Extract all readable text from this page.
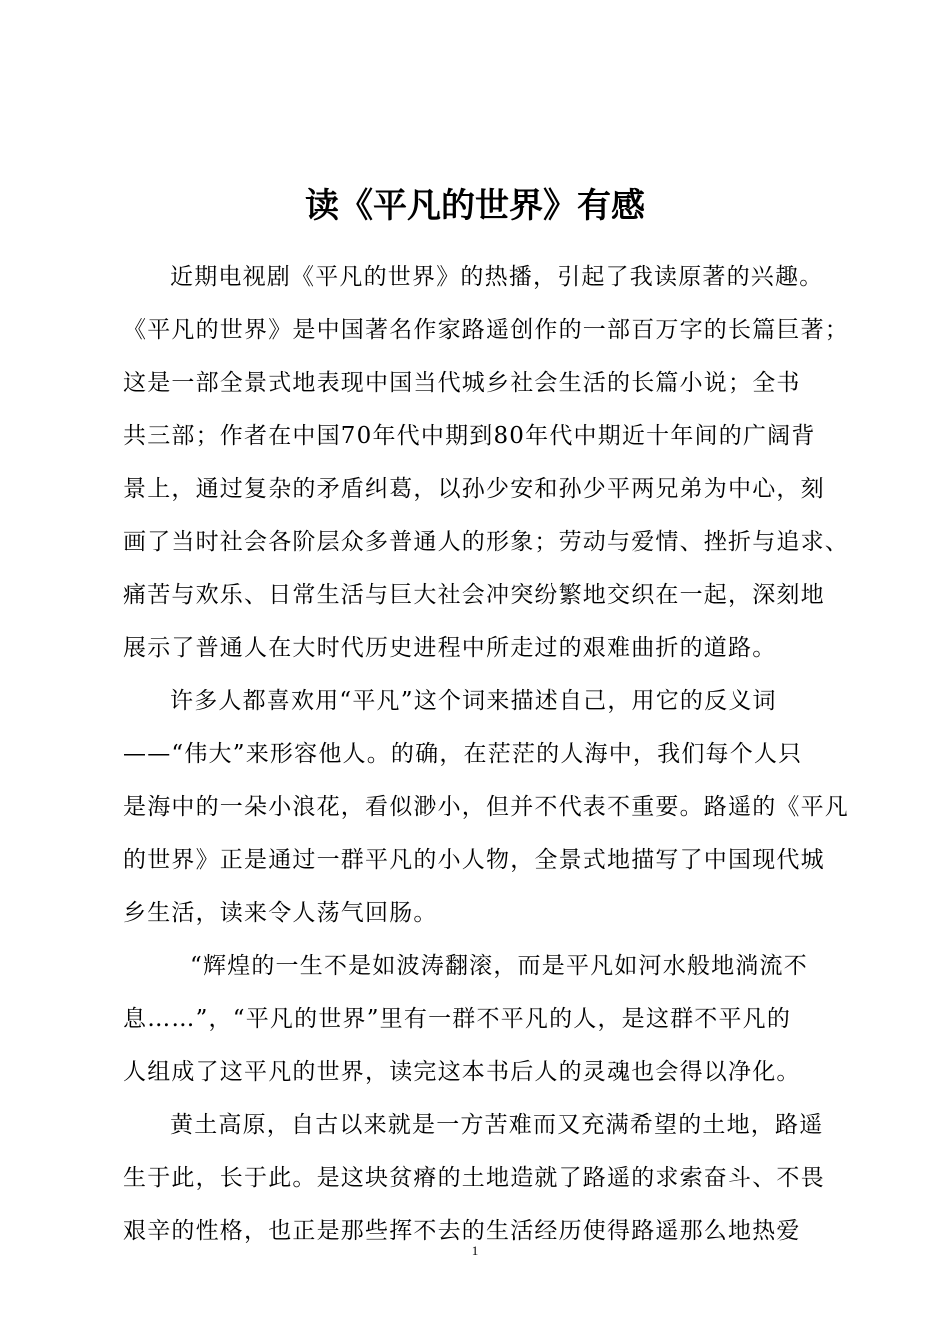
读《平凡的世界》有感
近期电视剧《平凡的世界》的热播，引起了我读原著的兴趣。
《平凡的世界》是中国著名作家路遥创作的一部百万字的长篇巨著；
这是一部全景式地表现中国当代城乡社会生活的长篇小说；全书
共三部；作者在中国70年代中期到80年代中期近十年间的广阔背
景上，通过复杂的矛盾纠葛，以孙少安和孙少平两兄弟为中心，刻
画了当时社会各阶层众多普通人的形象；劳动与爱情、挫折与追求、
痛苦与欢乐、日常生活与巨大社会冲突纷繁地交织在一起，深刻地
展示了普通人在大时代历史进程中所走过的艰难曲折的道路。
许多人都喜欢用“平凡”这个词来描述自己，用它的反义词
——“伟大”来形容他人。的确，在茫茫的人海中，我们每个人只
是海中的一朵小浪花，看似渺小，但并不代表不重要。路遥的《平凡
的世界》正是通过一群平凡的小人物，全景式地描写了中国现代城
乡生活，读来令人荡气回肠。
“辉煌的一生不是如波涛翻滚，而是平凡如河水般地淌流不
息……”，“平凡的世界”里有一群不平凡的人，是这群不平凡的
人组成了这平凡的世界，读完这本书后人的灵魂也会得以净化。
黄土高原，自古以来就是一方苦难而又充满希望的土地，路遥
生于此，长于此。是这块贫瘠的土地造就了路遥的求索奋斗、不畏
艰辛的性格，也正是那些挥不去的生活经历使得路遥那么地热爱
1
